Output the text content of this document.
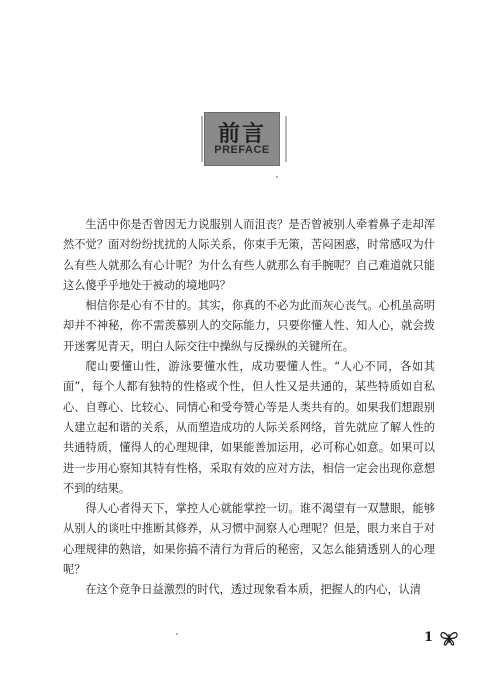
前言
PREFACE

生活中你是否曾因无力说服别人而沮丧？是否曾被别人牵着鼻子走却浑然不觉？面对纷纷扰扰的人际关系，你束手无策，苦闷困惑，时常感叹为什么有些人就那么有心计呢？为什么有些人就那么有手腕呢？自己难道就只能这么傻乎乎地处于被动的境地吗？

相信你是心有不甘的。其实，你真的不必为此而灰心丧气。心机虽高明却并不神秘，你不需羡慕别人的交际能力，只要你懂人性、知人心，就会拨开迷雾见青天，明白人际交往中操纵与反操纵的关键所在。

爬山要懂山性，游泳要懂水性，成功要懂人性。“人心不同，各如其面”，每个人都有独特的性格或个性，但人性又是共通的，某些特质如自私心、自尊心、比较心、同情心和受夸赞心等是人类共有的。如果我们想跟别人建立起和谐的关系，从而塑造成功的人际关系网络，首先就应了解人性的共通特质，懂得人的心理规律，如果能善加运用，必可称心如意。如果可以进一步用心察知其特有性格，采取有效的应对方法，相信一定会出现你意想不到的结果。

得人心者得天下，掌控人心就能掌控一切。谁不渴望有一双慧眼，能够从别人的谈吐中推断其修养，从习惯中洞察人心理呢？但是，眼力来自于对心理规律的熟谙，如果你搞不清行为背后的秘密，又怎么能猜透别人的心理呢？

在这个竞争日益激烈的时代，透过现象看本质，把握人的内心，认清

1
